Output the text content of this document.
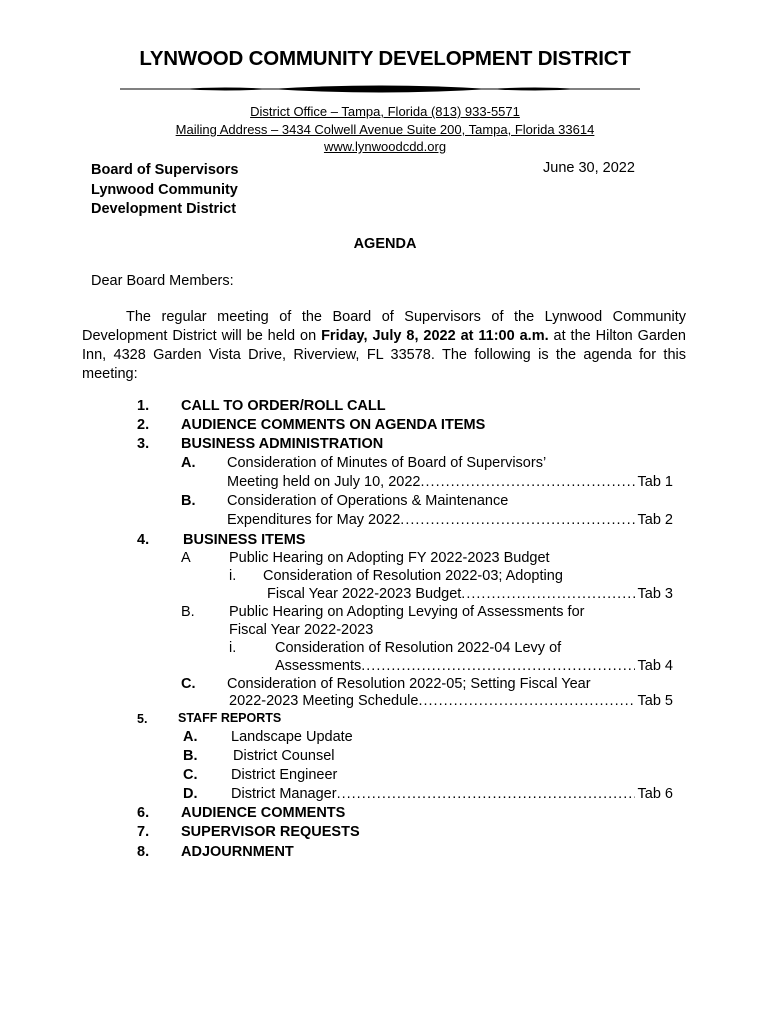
LYNWOOD COMMUNITY DEVELOPMENT DISTRICT
District Office – Tampa, Florida (813) 933-5571
Mailing Address – 3434 Colwell Avenue Suite 200, Tampa, Florida 33614
www.lynwoodcdd.org
Board of Supervisors
Lynwood Community
Development District
June 30, 2022
AGENDA
Dear Board Members:
The regular meeting of the Board of Supervisors of the Lynwood Community Development District will be held on Friday, July 8, 2022 at 11:00 a.m. at the Hilton Garden Inn, 4328 Garden Vista Drive, Riverview, FL 33578. The following is the agenda for this meeting:
1. CALL TO ORDER/ROLL CALL
2. AUDIENCE COMMENTS ON AGENDA ITEMS
3. BUSINESS ADMINISTRATION
A. Consideration of Minutes of Board of Supervisors’
Meeting held on July 10, 2022 .....	Tab 1
B. Consideration of Operations & Maintenance
Expenditures for May 2022 .....	Tab 2
4. BUSINESS ITEMS
A	Public Hearing on Adopting FY 2022-2023 Budget
i. Consideration of Resolution 2022-03; Adopting
Fiscal Year 2022-2023 Budget .....	Tab 3
B. Public Hearing on Adopting Levying of Assessments for
Fiscal Year 2022-2023
i.	Consideration of Resolution 2022-04 Levy of
Assessments .....	Tab 4
C. Consideration of Resolution 2022-05; Setting Fiscal Year
2022-2023 Meeting Schedule .....	Tab 5
5. STAFF REPORTS
A. Landscape Update
B. District Counsel
C. District Engineer
D. District Manager .....	Tab 6
6. AUDIENCE COMMENTS
7. SUPERVISOR REQUESTS
8. ADJOURNMENT
